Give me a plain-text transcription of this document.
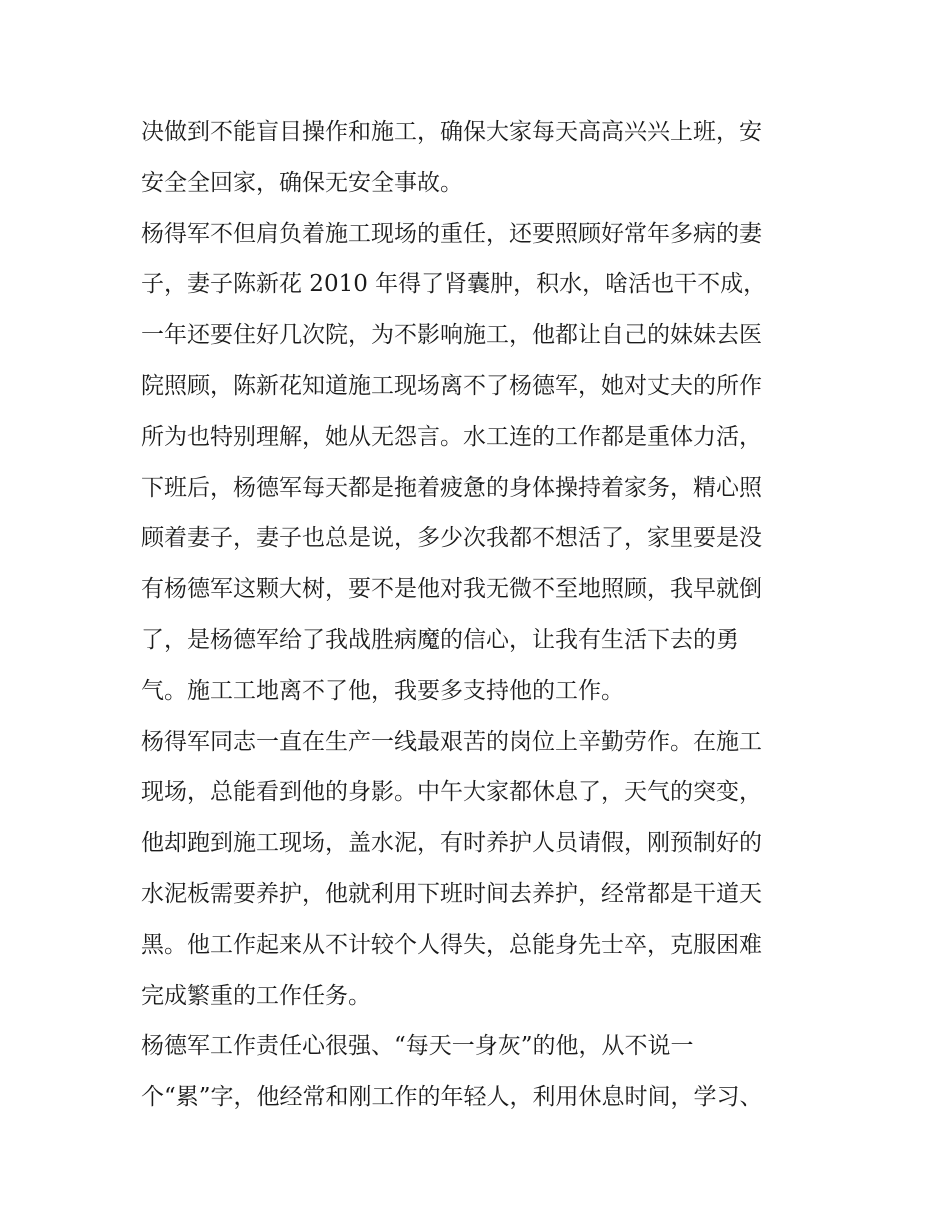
决做到不能盲目操作和施工，确保大家每天高高兴兴上班，安
安全全回家，确保无安全事故。
杨得军不但肩负着施工现场的重任，还要照顾好常年多病的妻
子，妻子陈新花 2010 年得了肾囊肿，积水，啥活也干不成，
一年还要住好几次院，为不影响施工，他都让自己的妹妹去医
院照顾，陈新花知道施工现场离不了杨德军，她对丈夫的所作
所为也特别理解，她从无怨言。水工连的工作都是重体力活，
下班后，杨德军每天都是拖着疲惫的身体操持着家务，精心照
顾着妻子，妻子也总是说，多少次我都不想活了，家里要是没
有杨德军这颗大树，要不是他对我无微不至地照顾，我早就倒
了，是杨德军给了我战胜病魔的信心，让我有生活下去的勇
气。施工工地离不了他，我要多支持他的工作。
杨得军同志一直在生产一线最艰苦的岗位上辛勤劳作。在施工
现场，总能看到他的身影。中午大家都休息了，天气的突变，
他却跑到施工现场，盖水泥，有时养护人员请假，刚预制好的
水泥板需要养护，他就利用下班时间去养护，经常都是干道天
黑。他工作起来从不计较个人得失，总能身先士卒，克服困难
完成繁重的工作任务。
杨德军工作责任心很强、“每天一身灰”的他，从不说一
个“累”字，他经常和刚工作的年轻人，利用休息时间，学习、
